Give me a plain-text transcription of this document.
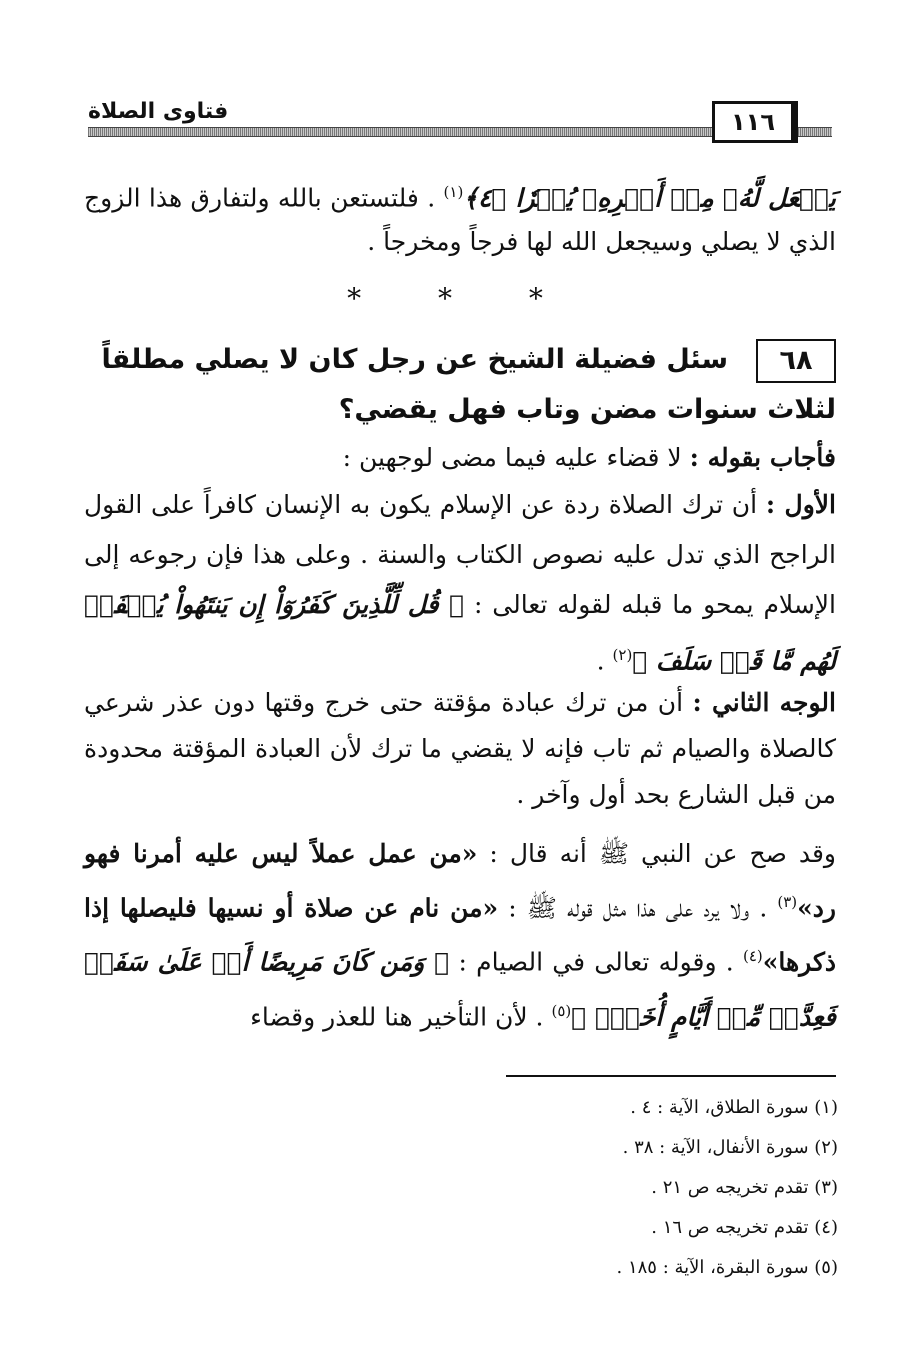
فتاوى الصلاة	١١٦
يَجۡعَل لَّهُۥ مِنۡ أَمۡرِهِۦ يُسۡرٗا ﴿٤﴾$^{(١)}$ . فلتستعن بالله ولتفارق هذا الزوج الذي لا يصلي وسيجعل الله لها فرجاً ومخرجاً .
* * *
٦٨سئل فضيلة الشيخ عن رجل كان لا يصلي مطلقاً لثلاث سنوات مضن وتاب فهل يقضي؟
فأجاب بقوله : لا قضاء عليه فيما مضى لوجهين :
الأول : أن ترك الصلاة ردة عن الإسلام يكون به الإنسان كافراً على القول الراجح الذي تدل عليه نصوص الكتاب والسنة . وعلى هذا فإن رجوعه إلى الإسلام يمحو ما قبله لقوله تعالى : ﴿ قُل لِّلَّذِينَ كَفَرُوٓاْ إِن يَنتَهُواْ يُغۡفَرۡ لَهُم مَّا قَدۡ سَلَفَ ﴾$^{(٢)}$ .
الوجه الثاني : أن من ترك عبادة مؤقتة حتى خرج وقتها دون عذر شرعي كالصلاة والصيام ثم تاب فإنه لا يقضي ما ترك لأن العبادة المؤقتة محدودة من قبل الشارع بحد أول وآخر .
وقد صح عن النبي ﷺ أنه قال : «من عمل عملاً ليس عليه أمرنا فهو رد»$^{(٣)}$ . ولا يرد على هذا مثل قوله ﷺ : «من نام عن صلاة أو نسيها فليصلها إذا ذكرها»$^{(٤)}$ . وقوله تعالى في الصيام : ﴿ وَمَن كَانَ مَرِيضًا أَوۡ عَلَىٰ سَفَرٖ فَعِدَّةٞ مِّنۡ أَيَّامٍ أُخَرَۗ ﴾$^{(٥)}$ . لأن التأخير هنا للعذر وقضاء
(١) سورة الطلاق، الآية : ٤ .
(٢) سورة الأنفال، الآية : ٣٨ .
(٣) تقدم تخريجه ص ٢١ .
(٤) تقدم تخريجه ص ١٦ .
(٥) سورة البقرة، الآية : ١٨٥ .
